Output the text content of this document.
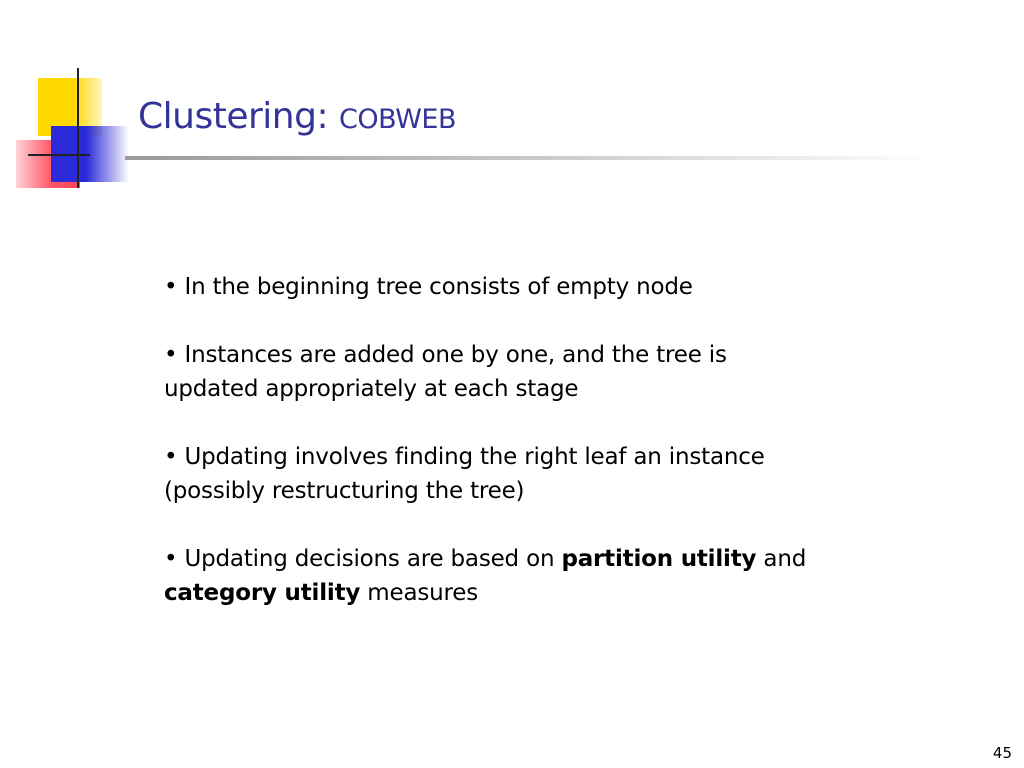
Clustering: COBWEB
• In the beginning tree consists of empty node
• Instances are added one by one, and the tree is
updated appropriately at each stage
• Updating involves finding the right leaf an instance
(possibly restructuring the tree)
• Updating decisions are based on partition utility and
category utility measures
45
